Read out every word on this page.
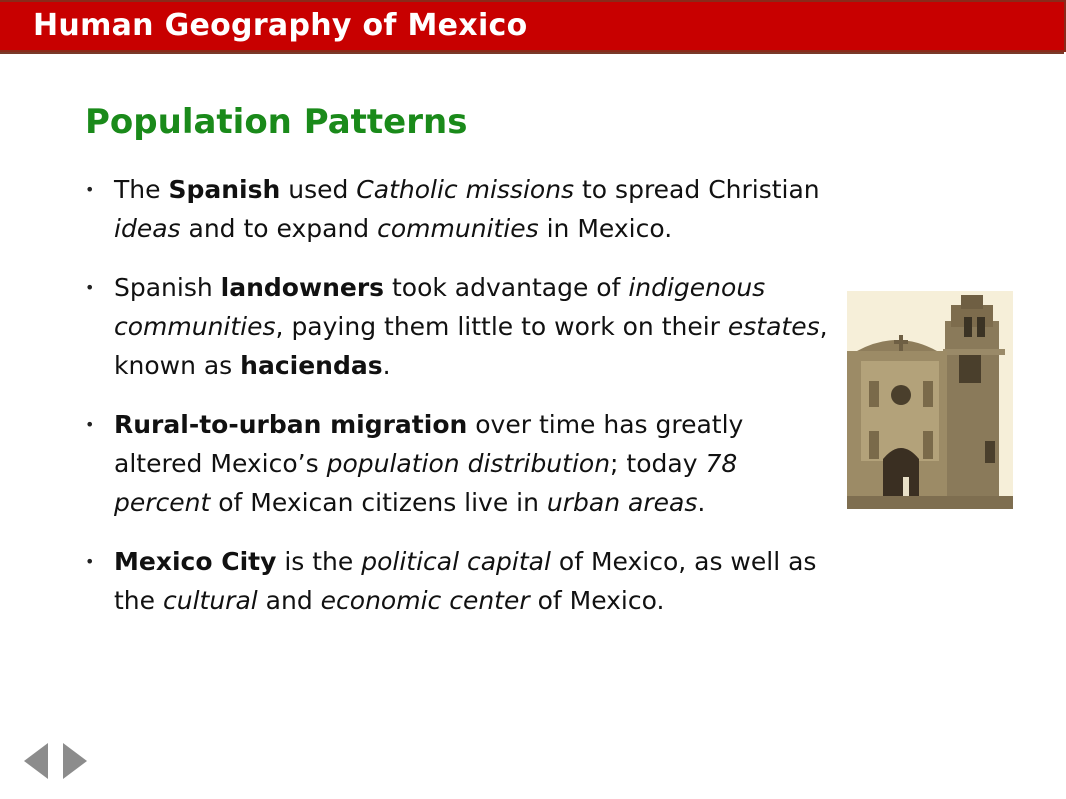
Human Geography of Mexico
Population Patterns
• The Spanish used Catholic missions to spread Christian ideas and to expand communities in Mexico.
• Spanish landowners took advantage of indigenous communities, paying them little to work on their estates, known as haciendas.
• Rural-to-urban migration over time has greatly altered Mexico’s population distribution; today 78 percent of Mexican citizens live in urban areas.
• Mexico City is the political capital of Mexico, as well as the cultural and economic center of Mexico.
